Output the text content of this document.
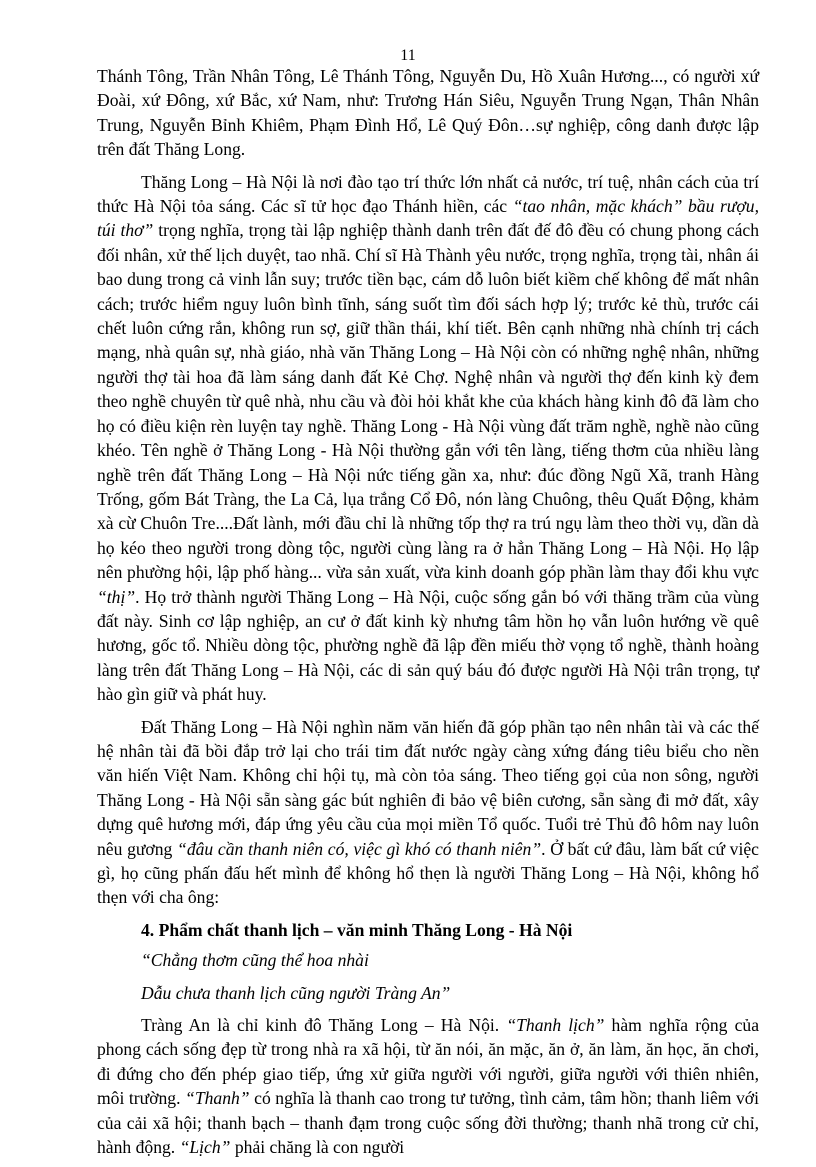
11

Thánh Tông, Trần Nhân Tông, Lê Thánh Tông, Nguyễn Du, Hồ Xuân Hương..., có người xứ Đoài, xứ Đông, xứ Bắc, xứ Nam, như: Trương Hán Siêu, Nguyễn Trung Ngạn, Thân Nhân Trung, Nguyễn Bỉnh Khiêm, Phạm Đình Hổ, Lê Quý Đôn…sự nghiệp, công danh được lập trên đất Thăng Long.

Thăng Long – Hà Nội là nơi đào tạo trí thức lớn nhất cả nước, trí tuệ, nhân cách của trí thức Hà Nội tỏa sáng. Các sĩ tử học đạo Thánh hiền, các “tao nhân, mặc khách” bầu rượu, túi thơ” trọng nghĩa, trọng tài lập nghiệp thành danh trên đất đế đô đều có chung phong cách đối nhân, xử thế lịch duyệt, tao nhã. Chí sĩ Hà Thành yêu nước, trọng nghĩa, trọng tài, nhân ái bao dung trong cả vinh lẫn suy; trước tiền bạc, cám dỗ luôn biết kiềm chế không để mất nhân cách; trước hiểm nguy luôn bình tĩnh, sáng suốt tìm đối sách hợp lý; trước kẻ thù, trước cái chết luôn cứng rắn, không run sợ, giữ thần thái, khí tiết. Bên cạnh những nhà chính trị cách mạng, nhà quân sự, nhà giáo, nhà văn Thăng Long – Hà Nội còn có những nghệ nhân, những người thợ tài hoa đã làm sáng danh đất Kẻ Chợ. Nghệ nhân và người thợ đến kinh kỳ đem theo nghề chuyên từ quê nhà, nhu cầu và đòi hỏi khắt khe của khách hàng kinh đô đã làm cho họ có điều kiện rèn luyện tay nghề. Thăng Long - Hà Nội vùng đất trăm nghề, nghề nào cũng khéo. Tên nghề ở Thăng Long - Hà Nội thường gắn với tên làng, tiếng thơm của nhiều làng nghề trên đất Thăng Long – Hà Nội nức tiếng gần xa, như: đúc đồng Ngũ Xã, tranh Hàng Trống, gốm Bát Tràng, the La Cả, lụa trắng Cổ Đô, nón làng Chuông, thêu Quất Động, khảm xà cừ Chuôn Tre....Đất lành, mới đầu chỉ là những tốp thợ ra trú ngụ làm theo thời vụ, dần dà họ kéo theo người trong dòng tộc, người cùng làng ra ở hẳn Thăng Long – Hà Nội. Họ lập nên phường hội, lập phố hàng... vừa sản xuất, vừa kinh doanh góp phần làm thay đổi khu vực “thị”. Họ trở thành người Thăng Long – Hà Nội, cuộc sống gắn bó với thăng trầm của vùng đất này. Sinh cơ lập nghiệp, an cư ở đất kinh kỳ nhưng tâm hồn họ vẫn luôn hướng về quê hương, gốc tổ. Nhiều dòng tộc, phường nghề đã lập đền miếu thờ vọng tổ nghề, thành hoàng làng trên đất Thăng Long – Hà Nội, các di sản quý báu đó được người Hà Nội trân trọng, tự hào gìn giữ và phát huy.

Đất Thăng Long – Hà Nội nghìn năm văn hiến đã góp phần tạo nên nhân tài và các thế hệ nhân tài đã bồi đắp trở lại cho trái tim đất nước ngày càng xứng đáng tiêu biểu cho nền văn hiến Việt Nam. Không chỉ hội tụ, mà còn tỏa sáng. Theo tiếng gọi của non sông, người Thăng Long - Hà Nội sẵn sàng gác bút nghiên đi bảo vệ biên cương, sẵn sàng đi mở đất, xây dựng quê hương mới, đáp ứng yêu cầu của mọi miền Tổ quốc. Tuổi trẻ Thủ đô hôm nay luôn nêu gương “đâu cần thanh niên có, việc gì khó có thanh niên”. Ở bất cứ đâu, làm bất cứ việc gì, họ cũng phấn đấu hết mình để không hổ thẹn là người Thăng Long – Hà Nội, không hổ thẹn với cha ông:

4. Phẩm chất thanh lịch – văn minh Thăng Long - Hà Nội

“Chẳng thơm cũng thể hoa nhài

Dẫu chưa thanh lịch cũng người Tràng An”

Tràng An là chỉ kinh đô Thăng Long – Hà Nội. “Thanh lịch” hàm nghĩa rộng của phong cách sống đẹp từ trong nhà ra xã hội, từ ăn nói, ăn mặc, ăn ở, ăn làm, ăn học, ăn chơi, đi đứng cho đến phép giao tiếp, ứng xử giữa người với người, giữa người với thiên nhiên, môi trường. “Thanh” có nghĩa là thanh cao trong tư tưởng, tình cảm, tâm hồn; thanh liêm với của cải xã hội; thanh bạch – thanh đạm trong cuộc sống đời thường; thanh nhã trong cử chỉ, hành động. “Lịch” phải chăng là con người
